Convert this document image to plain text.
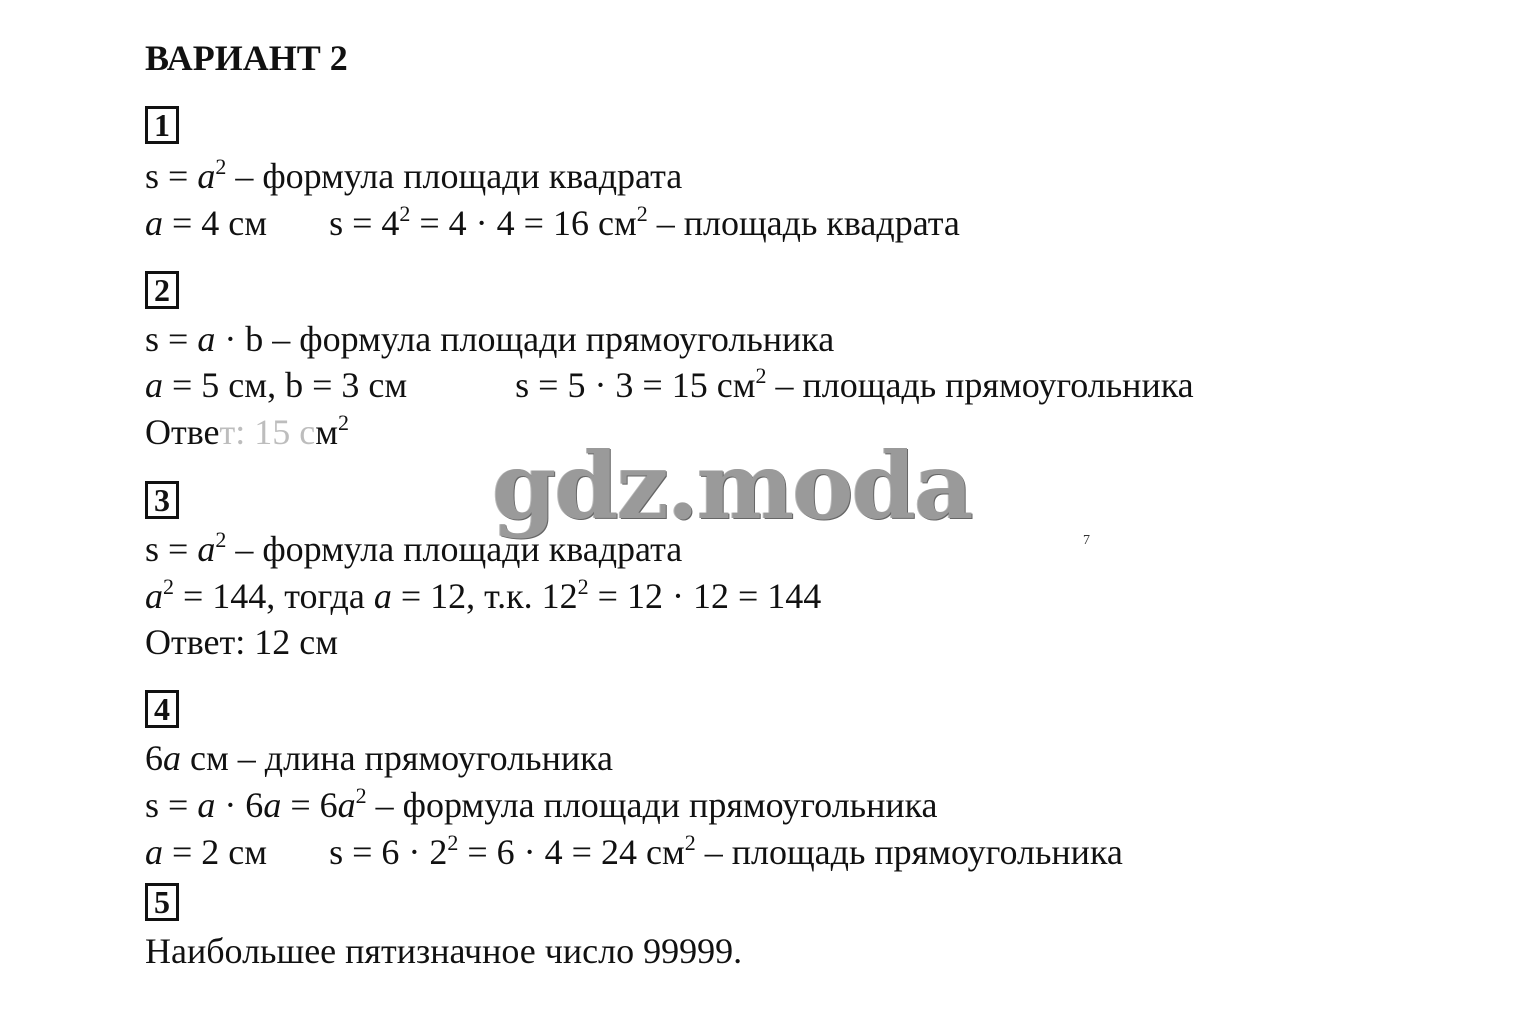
ВАРИАНТ 2
1
$s = a^2$ – формула площади квадрата
a = 4 см $s = 4^2 = 4 \cdot 4 = 16$ $см^2$ – площадь квадрата
2
s = a · b – формула площади прямоугольника
a = 5 см, b = 3 см	s = 5 · 3 = 15 $см^2$ – площадь прямоугольника
Ответ: 15 $см^2$
3
$s = a^2$ – формула площади квадрата
$a^2 = 144$, тогда a = 12, т.к. $12^2 = 12 \cdot 12 = 144$
Ответ: 12 см
4
6a см – длина прямоугольника
$s = a \cdot 6a = 6a^2$ – формула площади прямоугольника
a = 2 см $s = 6 \cdot 2^2 = 6 \cdot 4 = 24$ $см^2$ – площадь прямоугольника
5
Наибольшее пятизначное число 99999.
gdz.moda
7
